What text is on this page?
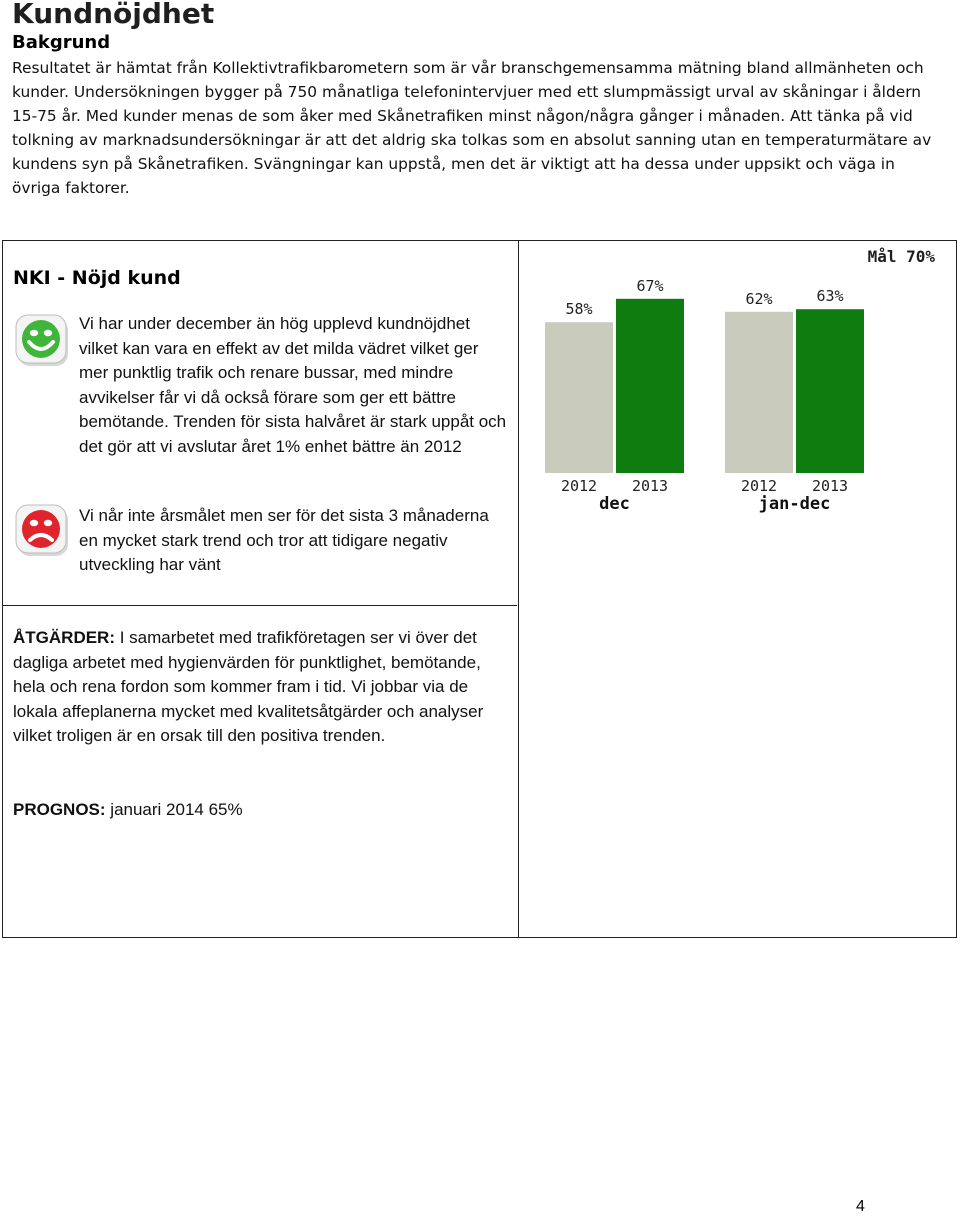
Kundnöjdhet
Bakgrund

Resultatet är hämtat från Kollektivtrafikbarometern som är vår branschgemensamma mätning bland allmänheten och kunder. Undersökningen bygger på 750 månatliga telefonintervjuer med ett slumpmässigt urval av skåningar i åldern 15-75 år. Med kunder menas de som åker med Skånetrafiken minst någon/några gånger i månaden. Att tänka på vid tolkning av marknadsundersökningar är att det aldrig ska tolkas som en absolut sanning utan en temperaturmätare av kundens syn på Skånetrafiken. Svängningar kan uppstå, men det är viktigt att ha dessa under uppsikt och väga in övriga faktorer.

NKI - Nöjd kund

Vi har under december än hög upplevd kundnöjdhet vilket kan vara en effekt av det milda vädret vilket ger mer punktlig trafik och renare bussar, med mindre avvikelser får vi då också förare som ger ett bättre bemötande. Trenden för sista halvåret är stark uppåt och det gör att vi avslutar året 1% enhet bättre än 2012

Vi når inte årsmålet men ser för det sista 3 månaderna en mycket stark trend och tror att tidigare negativ utveckling har vänt

ÅTGÄRDER: I samarbetet med trafikföretagen ser vi över det dagliga arbetet med hygienvärden för punktlighet, bemötande, hela och rena fordon som kommer fram i tid. Vi jobbar via de lokala affeplanerna mycket med kvalitetsåtgärder och analyser vilket troligen är en orsak till den positiva trenden.

PROGNOS: januari 2014 65%

Mål 70%
58%
2012
67%
2013
dec
62%
2012
63%
2013
jan-dec
4
